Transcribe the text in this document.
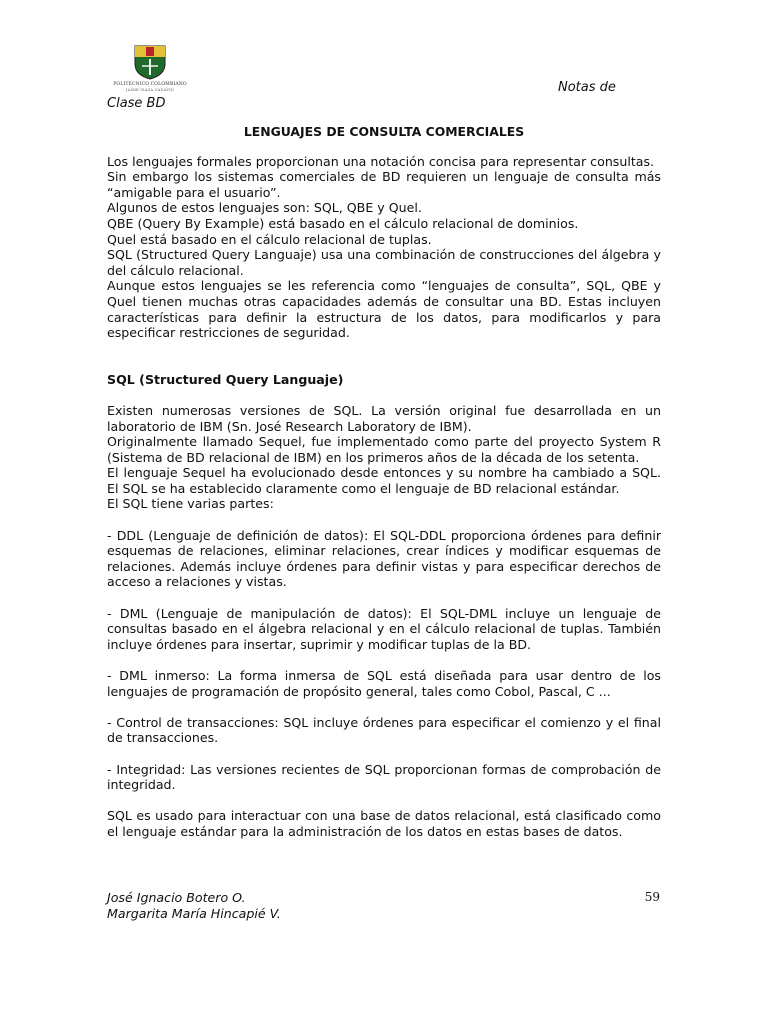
POLITÉCNICO COLOMBIANO
JAIME ISAZA CADAVID	Notas de
Clase BD
LENGUAJES DE CONSULTA COMERCIALES

Los lenguajes formales proporcionan una notación concisa para representar consultas.

Sin embargo los sistemas comerciales de BD requieren un lenguaje de consulta más “amigable para el usuario”.

Algunos de estos lenguajes son: SQL, QBE y Quel.

QBE (Query By Example) está basado en el cálculo relacional de dominios.

Quel está basado en el cálculo relacional de tuplas.

SQL (Structured Query Languaje) usa una combinación de construcciones del álgebra y del cálculo relacional.

Aunque estos lenguajes se les referencia como “lenguajes de consulta”, SQL, QBE y Quel tienen muchas otras capacidades además de consultar una BD. Estas incluyen características para definir la estructura de los datos, para modificarlos y para especificar restricciones de seguridad.

SQL (Structured Query Languaje)

Existen numerosas versiones de SQL. La versión original fue desarrollada en un laboratorio de IBM (Sn. José Research Laboratory de IBM).

Originalmente llamado Sequel, fue implementado como parte del proyecto System R (Sistema de BD relacional de IBM) en los primeros años de la década de los setenta.

El lenguaje Sequel ha evolucionado desde entonces y su nombre ha cambiado a SQL. El SQL se ha establecido claramente como el lenguaje de BD relacional estándar.

El SQL tiene varias partes:

- DDL (Lenguaje de definición de datos): El SQL-DDL proporciona órdenes para definir esquemas de relaciones, eliminar relaciones, crear índices y modificar esquemas de relaciones. Además incluye órdenes para definir vistas y para especificar derechos de acceso a relaciones y vistas.

- DML (Lenguaje de manipulación de datos): El SQL-DML incluye un lenguaje de consultas basado en el álgebra relacional y en el cálculo relacional de tuplas. También incluye órdenes para insertar, suprimir y modificar tuplas de la BD.

- DML inmerso: La forma inmersa de SQL está diseñada para usar dentro de los lenguajes de programación de propósito general, tales como Cobol, Pascal, C ...

- Control de transacciones: SQL incluye órdenes para especificar el comienzo y el final de transacciones.

- Integridad: Las versiones recientes de SQL proporcionan formas de comprobación de integridad.

SQL es usado para interactuar con una base de datos relacional, está clasificado como el lenguaje estándar para la administración de los datos en estas bases de datos.

José Ignacio Botero O.
Margarita María Hincapié V.
59
